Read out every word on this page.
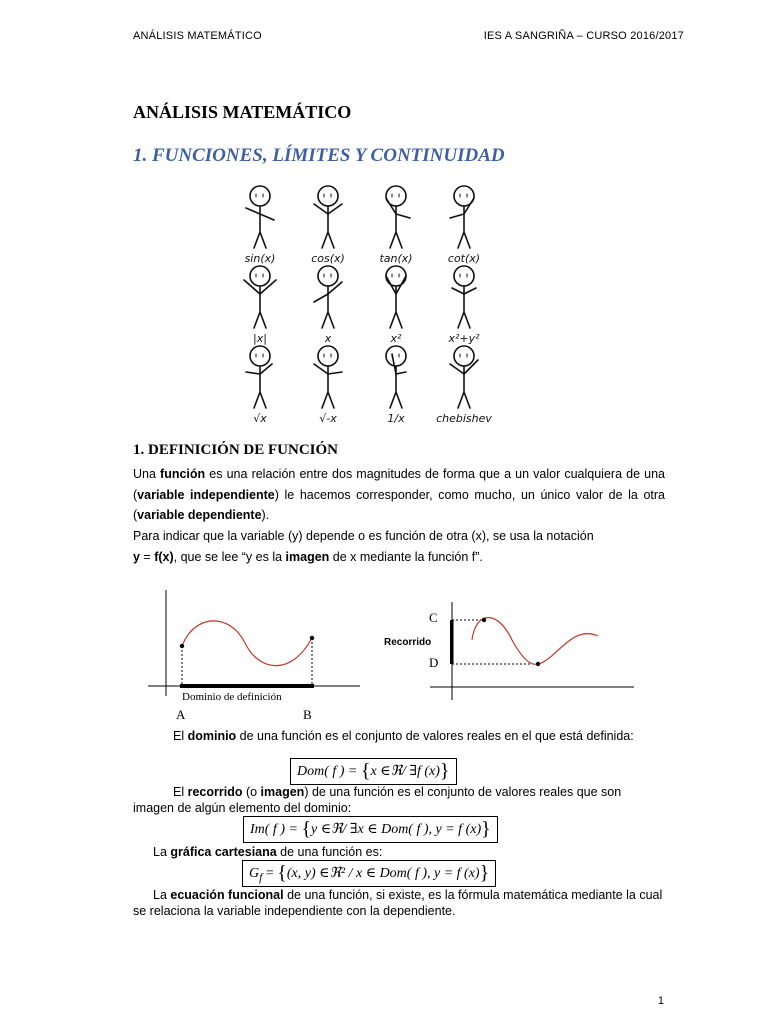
ANÁLISIS MATEMÁTICO	IES A SANGRIÑA – CURSO 2016/2017
ANÁLISIS MATEMÁTICO
1. FUNCIONES, LÍMITES Y CONTINUIDAD
sin(x)	cos(x)	tan(x)	cot(x)
|x|	x	x²	x²+y²
√x	√-x	1/x	chebishev
1. DEFINICIÓN DE FUNCIÓN
Una función es una relación entre dos magnitudes de forma que a un valor cualquiera de una (variable independiente) le hacemos corresponder, como mucho, un único valor de la otra (variable dependiente).
Para indicar que la variable (y) depende o es función de otra (x), se usa la notación
y = f(x), que se lee “y es la imagen de x mediante la función f”.
Dominio de definición
A	B
C
D
Recorrido
El dominio de una función es el conjunto de valores reales en el que está definida:
Dom( f ) = {x ∈ℜ/ ∃f (x)}
El recorrido (o imagen) de una función es el conjunto de valores reales que son imagen de algún elemento del dominio:
Im( f ) = {y ∈ℜ/ ∃x ∈ Dom( f ), y = f (x)}
La gráfica cartesiana de una función es:
$G_f = \{(x$, y) ∈ℜ² / x ∈ Dom( f ), y = f (x)}
La ecuación funcional de una función, si existe, es la fórmula matemática mediante la cual se relaciona la variable independiente con la dependiente.
1
